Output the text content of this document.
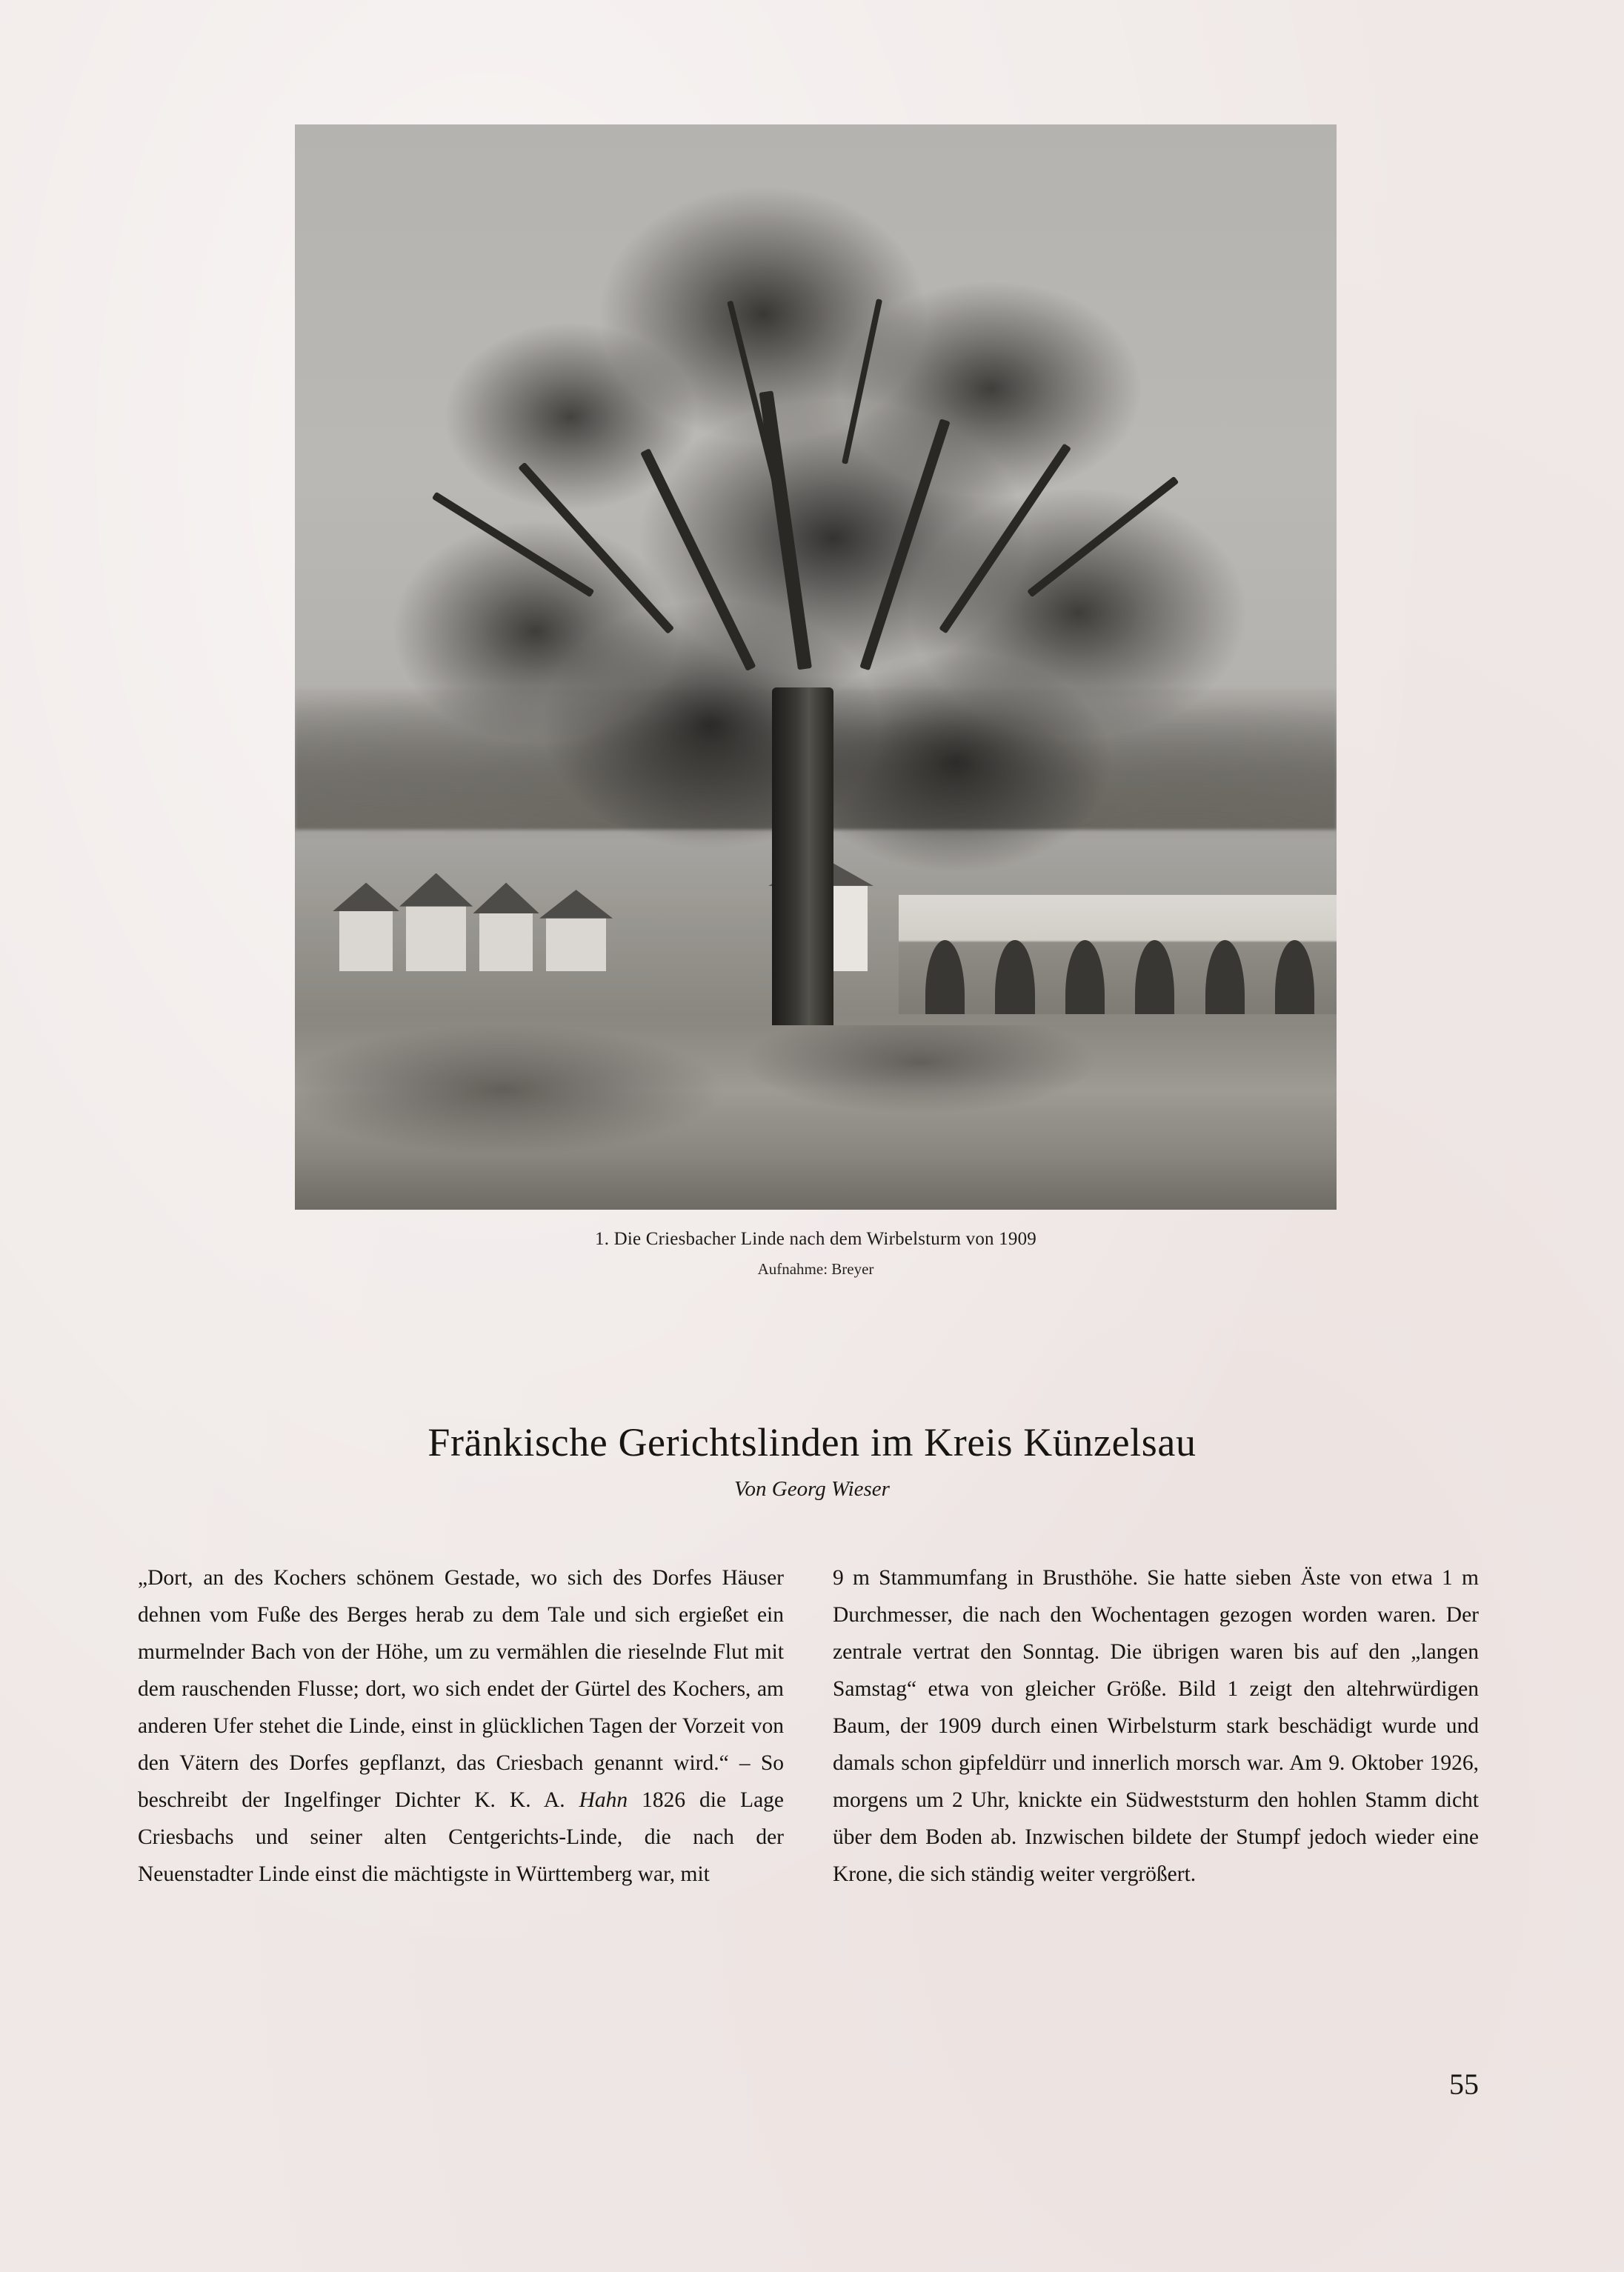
1. Die Criesbacher Linde nach dem Wirbelsturm von 1909
Aufnahme: Breyer
Fränkische Gerichtslinden im Kreis Künzelsau
Von Georg Wieser

„Dort, an des Kochers schönem Gestade, wo sich des Dorfes Häuser dehnen vom Fuße des Berges herab zu dem Tale und sich ergießet ein murmelnder Bach von der Höhe, um zu vermählen die rieselnde Flut mit dem rauschenden Flusse; dort, wo sich endet der Gürtel des Kochers, am anderen Ufer stehet die Linde, einst in glücklichen Tagen der Vorzeit von den Vätern des Dorfes gepflanzt, das Criesbach genannt wird.“ – So beschreibt der Ingelfinger Dichter K. K. A. Hahn 1826 die Lage Criesbachs und seiner alten Centgerichts-Linde, die nach der Neuenstadter Linde einst die mächtigste in Württemberg war, mit

9 m Stammumfang in Brusthöhe. Sie hatte sieben Äste von etwa 1 m Durchmesser, die nach den Wochentagen gezogen worden waren. Der zentrale vertrat den Sonntag. Die übrigen waren bis auf den „langen Samstag“ etwa von gleicher Größe. Bild 1 zeigt den altehrwürdigen Baum, der 1909 durch einen Wirbelsturm stark beschädigt wurde und damals schon gipfeldürr und innerlich morsch war. Am 9. Oktober 1926, morgens um 2 Uhr, knickte ein Südweststurm den hohlen Stamm dicht über dem Boden ab. Inzwischen bildete der Stumpf jedoch wieder eine Krone, die sich ständig weiter vergrößert.

55
